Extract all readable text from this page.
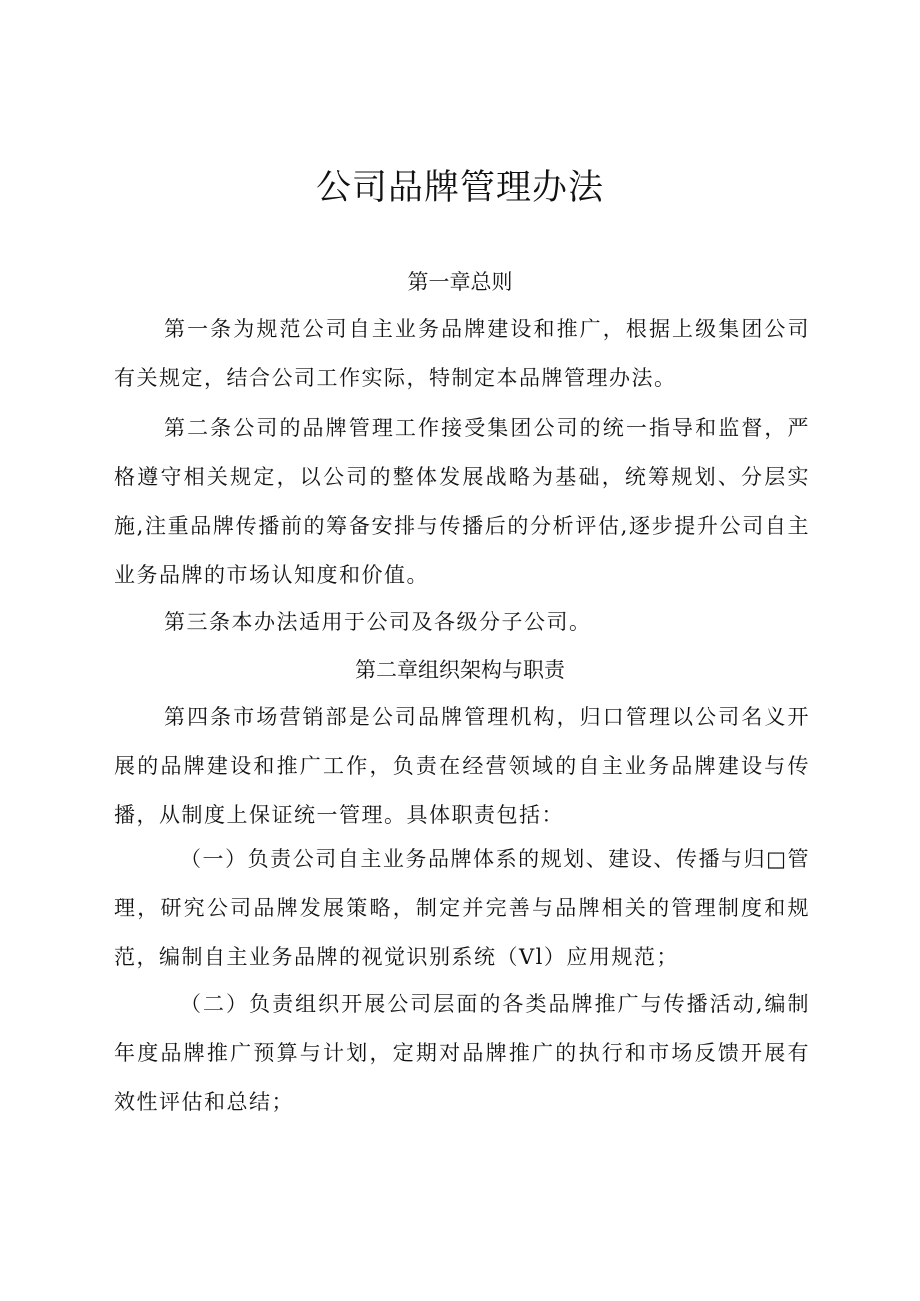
公司品牌管理办法
第一章总则

第一条为规范公司自主业务品牌建设和推广，根据上级集团公司有关规定，结合公司工作实际，特制定本品牌管理办法。

第二条公司的品牌管理工作接受集团公司的统一指导和监督，严格遵守相关规定，以公司的整体发展战略为基础，统筹规划、分层实施,注重品牌传播前的筹备安排与传播后的分析评估,逐步提升公司自主业务品牌的市场认知度和价值。

第三条本办法适用于公司及各级分子公司。

第二章组织架构与职责

第四条市场营销部是公司品牌管理机构，归口管理以公司名义开展的品牌建设和推广工作，负责在经营领域的自主业务品牌建设与传播，从制度上保证统一管理。具体职责包括：

（一）负责公司自主业务品牌体系的规划、建设、传播与归□管理，研究公司品牌发展策略，制定并完善与品牌相关的管理制度和规范，编制自主业务品牌的视觉识别系统（Vl）应用规范；

（二）负责组织开展公司层面的各类品牌推广与传播活动,编制年度品牌推广预算与计划，定期对品牌推广的执行和市场反馈开展有效性评估和总结；
